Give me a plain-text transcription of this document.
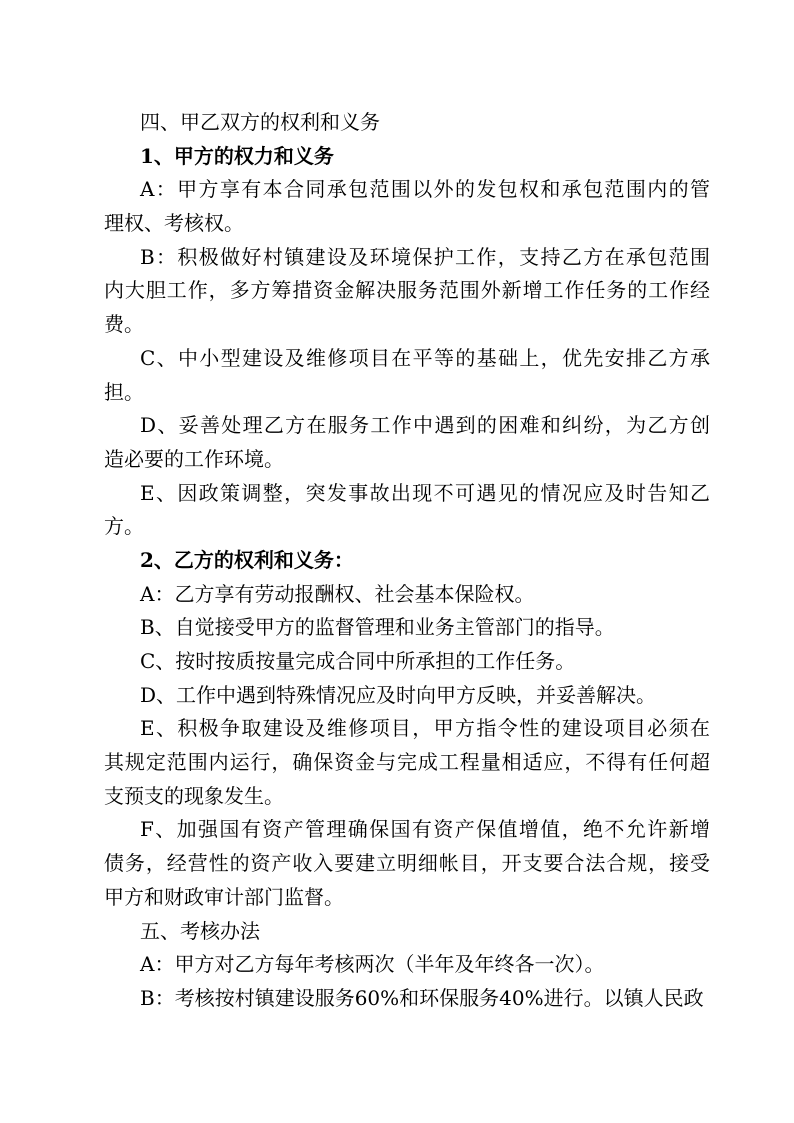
四、甲乙双方的权利和义务
1、甲方的权力和义务
A：甲方享有本合同承包范围以外的发包权和承包范围内的管
理权、考核权。
B：积极做好村镇建设及环境保护工作，支持乙方在承包范围
内大胆工作，多方筹措资金解决服务范围外新增工作任务的工作经
费。
C、中小型建设及维修项目在平等的基础上，优先安排乙方承
担。
D、妥善处理乙方在服务工作中遇到的困难和纠纷，为乙方创
造必要的工作环境。
E、因政策调整，突发事故出现不可遇见的情况应及时告知乙
方。
2、乙方的权利和义务：
A：乙方享有劳动报酬权、社会基本保险权。
B、自觉接受甲方的监督管理和业务主管部门的指导。
C、按时按质按量完成合同中所承担的工作任务。
D、工作中遇到特殊情况应及时向甲方反映，并妥善解决。
E、积极争取建设及维修项目，甲方指令性的建设项目必须在
其规定范围内运行，确保资金与完成工程量相适应，不得有任何超
支预支的现象发生。
F、加强国有资产管理确保国有资产保值增值，绝不允许新增
债务，经营性的资产收入要建立明细帐目，开支要合法合规，接受
甲方和财政审计部门监督。
五、考核办法
A：甲方对乙方每年考核两次（半年及年终各一次）。
B：考核按村镇建设服务60%和环保服务40%进行。以镇人民政
